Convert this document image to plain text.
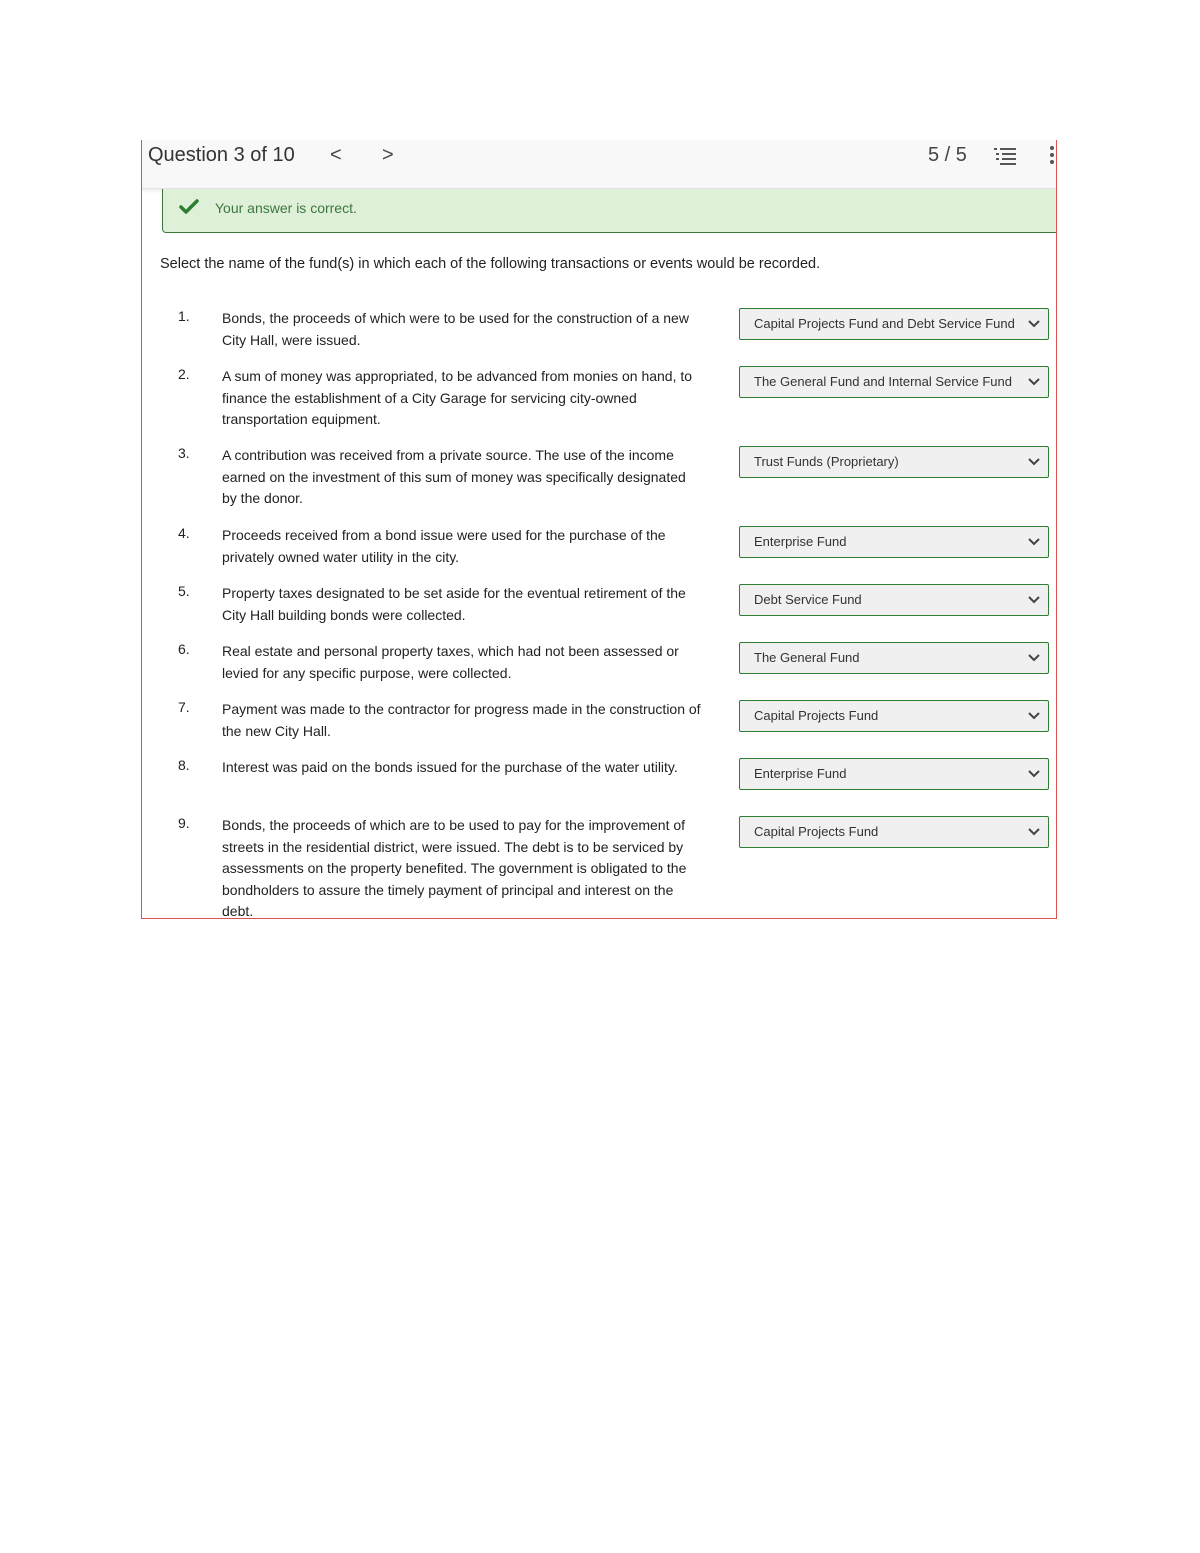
Question 3 of 10 < >	5 / 5
Your answer is correct.
Select the name of the fund(s) in which each of the following transactions or events would be recorded.
1. Bonds, the proceeds of which were to be used for the construction of a new City Hall, were issued.
Capital Projects Fund and Debt Service Fund
2. A sum of money was appropriated, to be advanced from monies on hand, to finance the establishment of a City Garage for servicing city-owned transportation equipment.
The General Fund and Internal Service Fund
3. A contribution was received from a private source. The use of the income earned on the investment of this sum of money was specifically designated by the donor.
Trust Funds (Proprietary)
4. Proceeds received from a bond issue were used for the purchase of the privately owned water utility in the city.
Enterprise Fund
5. Property taxes designated to be set aside for the eventual retirement of the City Hall building bonds were collected.
Debt Service Fund
6. Real estate and personal property taxes, which had not been assessed or levied for any specific purpose, were collected.
The General Fund
7. Payment was made to the contractor for progress made in the construction of the new City Hall.
Capital Projects Fund
8. Interest was paid on the bonds issued for the purchase of the water utility.	Enterprise Fund
9. Bonds, the proceeds of which are to be used to pay for the improvement of streets in the residential district, were issued. The debt is to be serviced by assessments on the property benefited. The government is obligated to the bondholders to assure the timely payment of principal and interest on the debt.
Capital Projects Fund
